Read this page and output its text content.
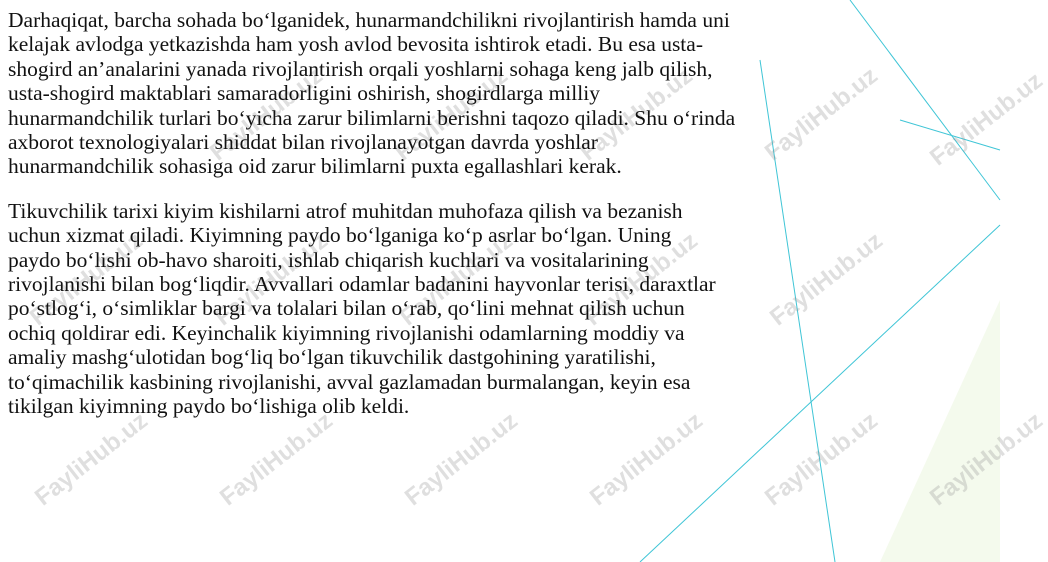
FayliHub.uz	FayliHub.uz	FayliHub.uz	FayliHub.uz FayliHub.uz
FayliHub.uz	FayliHub.uz	FayliHub.uz	FayliHub.uz	FayliHub.uz
FayliHub.uz	FayliHub.uz	FayliHub.uz	FayliHub.uz FayliHub.uz FayliHub.uz

Darhaqiqat, barcha sohada bo‘lganidek, hunarmandchilikni rivojlantirish hamda uni
kelajak avlodga yetkazishda ham yosh avlod bevosita ishtirok etadi. Bu esa usta-
shogird an’analarini yanada rivojlantirish orqali yoshlarni sohaga keng jalb qilish,
usta-shogird maktablari samaradorligini oshirish, shogirdlarga milliy
hunarmandchilik turlari bo‘yicha zarur bilimlarni berishni taqozo qiladi. Shu o‘rinda
axborot texnologiyalari shiddat bilan rivojlanayotgan davrda yoshlar
hunarmandchilik sohasiga oid zarur bilimlarni puxta egallashlari kerak.

Tikuvchilik tarixi kiyim kishilarni atrof muhitdan muhofaza qilish va bezanish
uchun xizmat qiladi. Kiyimning paydo bo‘lganiga ko‘p asrlar bo‘lgan. Uning
paydo bo‘lishi ob-havo sharoiti, ishlab chiqarish kuchlari va vositalarining
rivojlanishi bilan bog‘liqdir. Avvallari odamlar badanini hayvonlar terisi, daraxtlar
po‘stlog‘i, o‘simliklar bargi va tolalari bilan o‘rab, qo‘lini mehnat qilish uchun
ochiq qoldirar edi. Keyinchalik kiyimning rivojlanishi odamlarning moddiy va
amaliy mashg‘ulotidan bog‘liq bo‘lgan tikuvchilik dastgohining yaratilishi,
to‘qimachilik kasbining rivojlanishi, avval gazlamadan burmalangan, keyin esa
tikilgan kiyimning paydo bo‘lishiga olib keldi.
